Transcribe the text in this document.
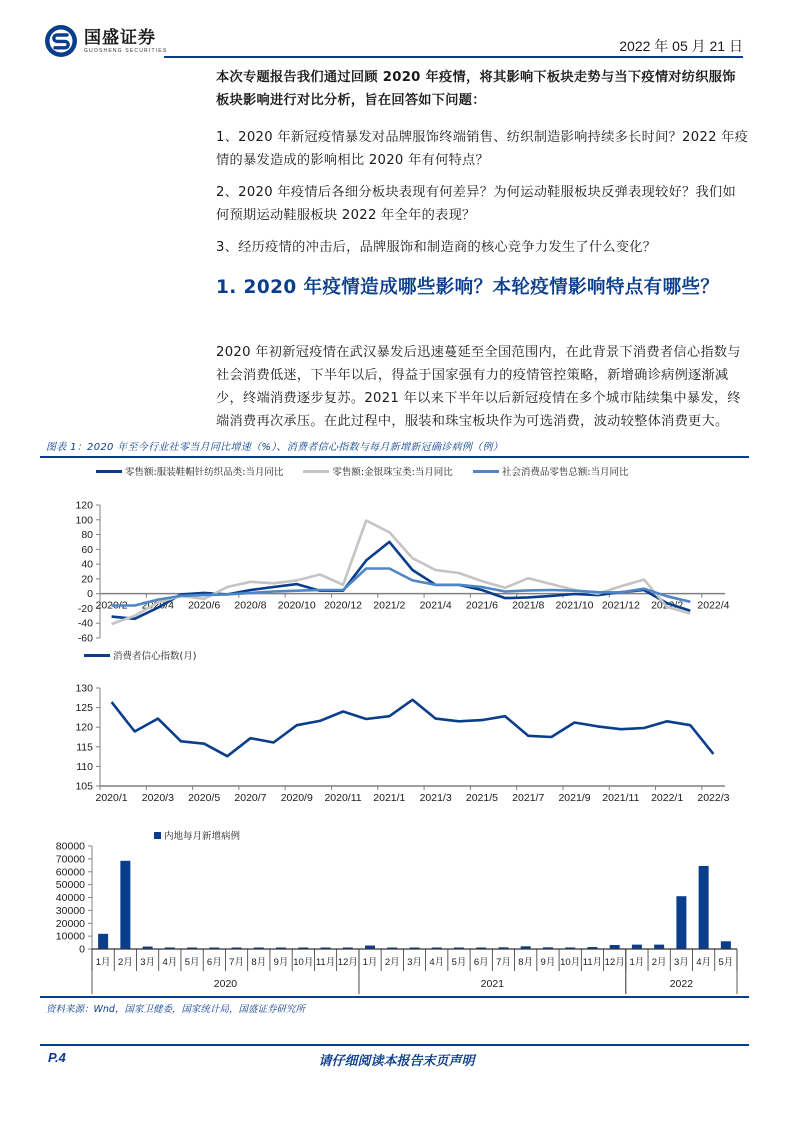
国盛证券
GUOSHENG SECURITIES	2022 年 05 月 21 日
本次专题报告我们通过回顾 2020 年疫情，将其影响下板块走势与当下疫情对纺织服饰板块影响进行对比分析，旨在回答如下问题：
1、2020 年新冠疫情暴发对品牌服饰终端销售、纺织制造影响持续多长时间？2022 年疫情的暴发造成的影响相比 2020 年有何特点？
2、2020 年疫情后各细分板块表现有何差异？为何运动鞋服板块反弹表现较好？我们如何预期运动鞋服板块 2022 年全年的表现？
3、经历疫情的冲击后，品牌服饰和制造商的核心竞争力发生了什么变化？
1. 2020 年疫情造成哪些影响？本轮疫情影响特点有哪些？
2020 年初新冠疫情在武汉暴发后迅速蔓延至全国范围内，在此背景下消费者信心指数与社会消费低迷，下半年以后，得益于国家强有力的疫情管控策略，新增确诊病例逐渐减少，终端消费逐步复苏。2021 年以来下半年以后新冠疫情在多个城市陆续集中暴发，终端消费再次承压。在此过程中，服装和珠宝板块作为可选消费，波动较整体消费更大。
图表 1：2020 年至今行业社零当月同比增速（%）、消费者信心指数与每月新增新冠确诊病例（例）
零售额:服装鞋帽针纺织品类:当月同比	零售额:金银珠宝类:当月同比	社会消费品零售总额:当月同比
120
100
80
60
40
20
0
-20
-40
-60
2020/2 2020/4 2020/6 2020/8 2020/10 2020/12 2021/2 2021/4 2021/6 2021/8 2021/10 2021/12 2022/2 2022/4
消费者信心指数(月)
130
125
120
115
110
105
2020/1 2020/3 2020/5 2020/7 2020/9 2020/11 2021/1 2021/3 2021/5 2021/7 2021/9 2021/11 2022/1 2022/3
内地每月新增病例
80000
70000
60000
50000
40000
30000
20000
10000
0
1月 2月 3月 4月 5月 6月 7月 8月 9月 10月 11月 12月 1月 2月 3月 4月 5月 6月 7月 8月 9月 10月 11月 12月 1月 2月 3月 4月 5月
2020	2021	2022
资料来源：Wnd，国家卫健委，国家统计局，国盛证券研究所
P.4	请仔细阅读本报告末页声明
